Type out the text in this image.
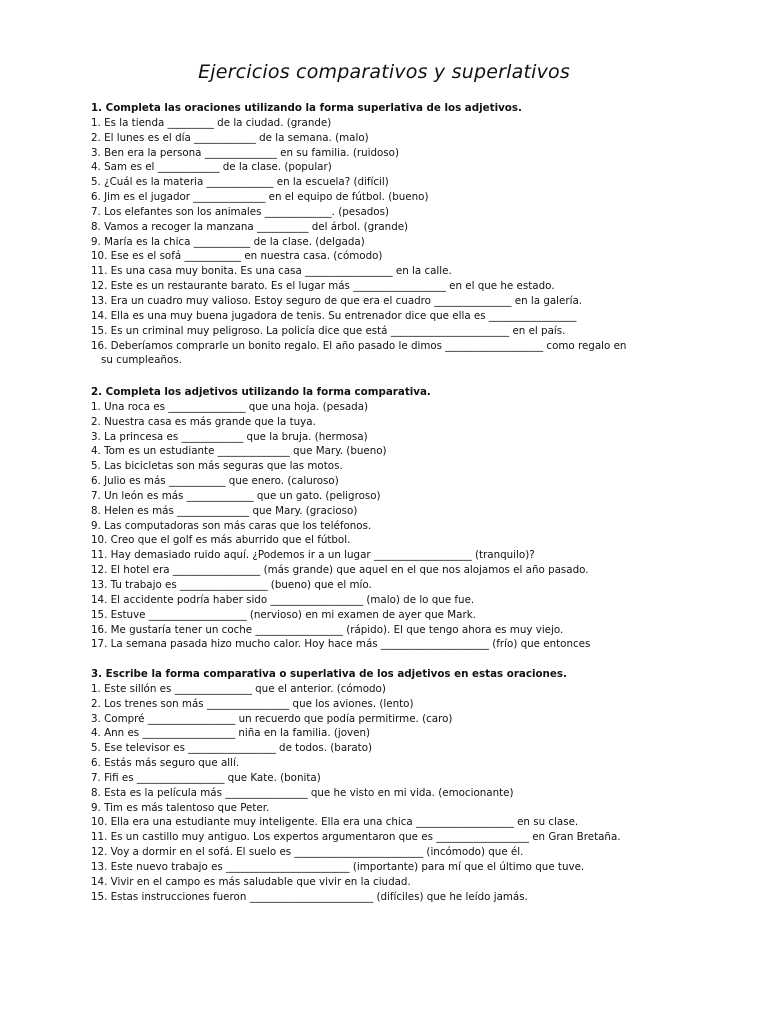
Ejercicios comparativos y superlativos
1. Completa las oraciones utilizando la forma superlativa de los adjetivos.
1. Es la tienda _________ de la ciudad. (grande)
2. El lunes es el día ____________ de la semana. (malo)
3. Ben era la persona ______________ en su familia. (ruidoso)
4. Sam es el ____________ de la clase. (popular)
5. ¿Cuál es la materia _____________ en la escuela? (difícil)
6. Jim es el jugador ______________ en el equipo de fútbol. (bueno)
7. Los elefantes son los animales _____________. (pesados)
8. Vamos a recoger la manzana __________ del árbol. (grande)
9. María es la chica ___________ de la clase. (delgada)
10. Ese es el sofá ___________ en nuestra casa. (cómodo)
11. Es una casa muy bonita. Es una casa _________________ en la calle.
12. Este es un restaurante barato. Es el lugar más __________________ en el que he estado.
13. Era un cuadro muy valioso. Estoy seguro de que era el cuadro _______________ en la galería.
14. Ella es una muy buena jugadora de tenis. Su entrenador dice que ella es _________________
15. Es un criminal muy peligroso. La policía dice que está _______________________ en el país.
16. Deberíamos comprarle un bonito regalo. El año pasado le dimos ___________________ como regalo en
su cumpleaños.
2. Completa los adjetivos utilizando la forma comparativa.
1. Una roca es _______________ que una hoja. (pesada)
2. Nuestra casa es más grande que la tuya.
3. La princesa es ____________ que la bruja. (hermosa)
4. Tom es un estudiante ______________ que Mary. (bueno)
5. Las bicicletas son más seguras que las motos.
6. Julio es más ___________ que enero. (caluroso)
7. Un león es más _____________ que un gato. (peligroso)
8. Helen es más ______________ que Mary. (gracioso)
9. Las computadoras son más caras que los teléfonos.
10. Creo que el golf es más aburrido que el fútbol.
11. Hay demasiado ruido aquí. ¿Podemos ir a un lugar ___________________ (tranquilo)?
12. El hotel era _________________ (más grande) que aquel en el que nos alojamos el año pasado.
13. Tu trabajo es _________________ (bueno) que el mío.
14. El accidente podría haber sido __________________ (malo) de lo que fue.
15. Estuve ___________________ (nervioso) en mi examen de ayer que Mark.
16. Me gustaría tener un coche _________________ (rápido). El que tengo ahora es muy viejo.
17. La semana pasada hizo mucho calor. Hoy hace más _____________________ (frío) que entonces
3. Escribe la forma comparativa o superlativa de los adjetivos en estas oraciones.
1. Este sillón es _______________ que el anterior. (cómodo)
2. Los trenes son más ________________ que los aviones. (lento)
3. Compré _________________ un recuerdo que podía permitirme. (caro)
4. Ann es __________________ niña en la familia. (joven)
5. Ese televisor es _________________ de todos. (barato)
6. Estás más seguro que allí.
7. Fifi es _________________ que Kate. (bonita)
8. Esta es la película más ________________ que he visto en mi vida. (emocionante)
9. Tim es más talentoso que Peter.
10. Ella era una estudiante muy inteligente. Ella era una chica ___________________ en su clase.
11. Es un castillo muy antiguo. Los expertos argumentaron que es __________________ en Gran Bretaña.
12. Voy a dormir en el sofá. El suelo es _________________________ (incómodo) que él.
13. Este nuevo trabajo es ________________________ (importante) para mí que el último que tuve.
14. Vivir en el campo es más saludable que vivir en la ciudad.
15. Estas instrucciones fueron ________________________ (difíciles) que he leído jamás.
